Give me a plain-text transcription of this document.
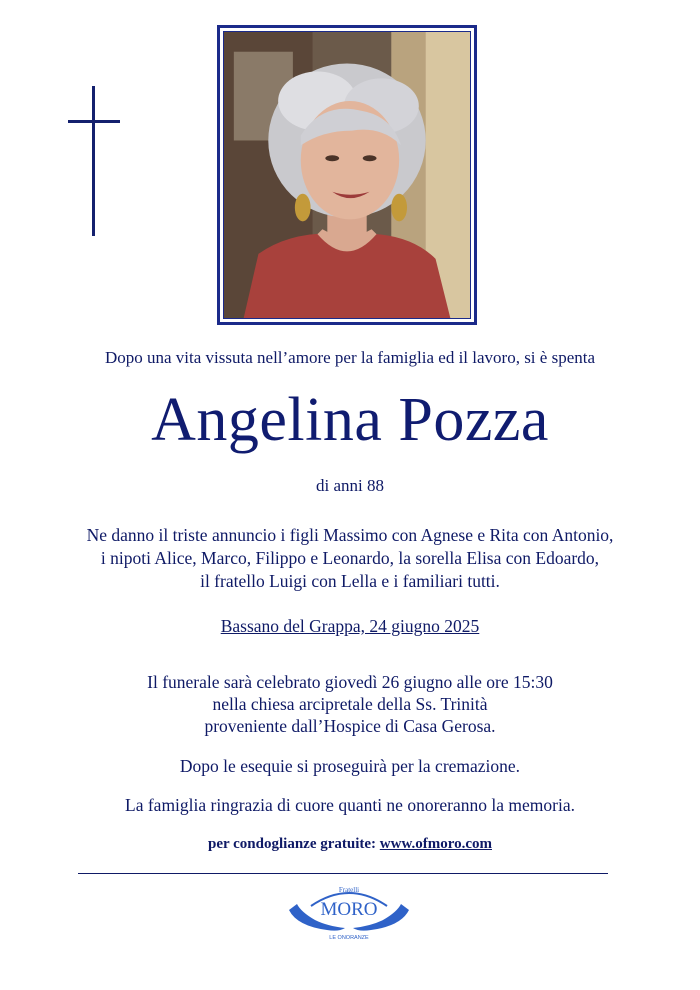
Dopo una vita vissuta nell’amore per la famiglia ed il lavoro, si è spenta
Angelina Pozza
di anni 88
Ne danno il triste annuncio i figli Massimo con Agnese e Rita con Antonio,
i nipoti Alice, Marco, Filippo e Leonardo, la sorella Elisa con Edoardo,
il fratello Luigi con Lella e i familiari tutti.
Bassano del Grappa, 24 giugno 2025
Il funerale sarà celebrato giovedì 26 giugno alle ore 15:30
nella chiesa arcipretale della Ss. Trinità
proveniente dall’Hospice di Casa Gerosa.
Dopo le esequie si proseguirà per la cremazione.
La famiglia ringrazia di cuore quanti ne onoreranno la memoria.
per condoglianze gratuite: www.ofmoro.com
Fratelli
MORO
LE ONORANZE
